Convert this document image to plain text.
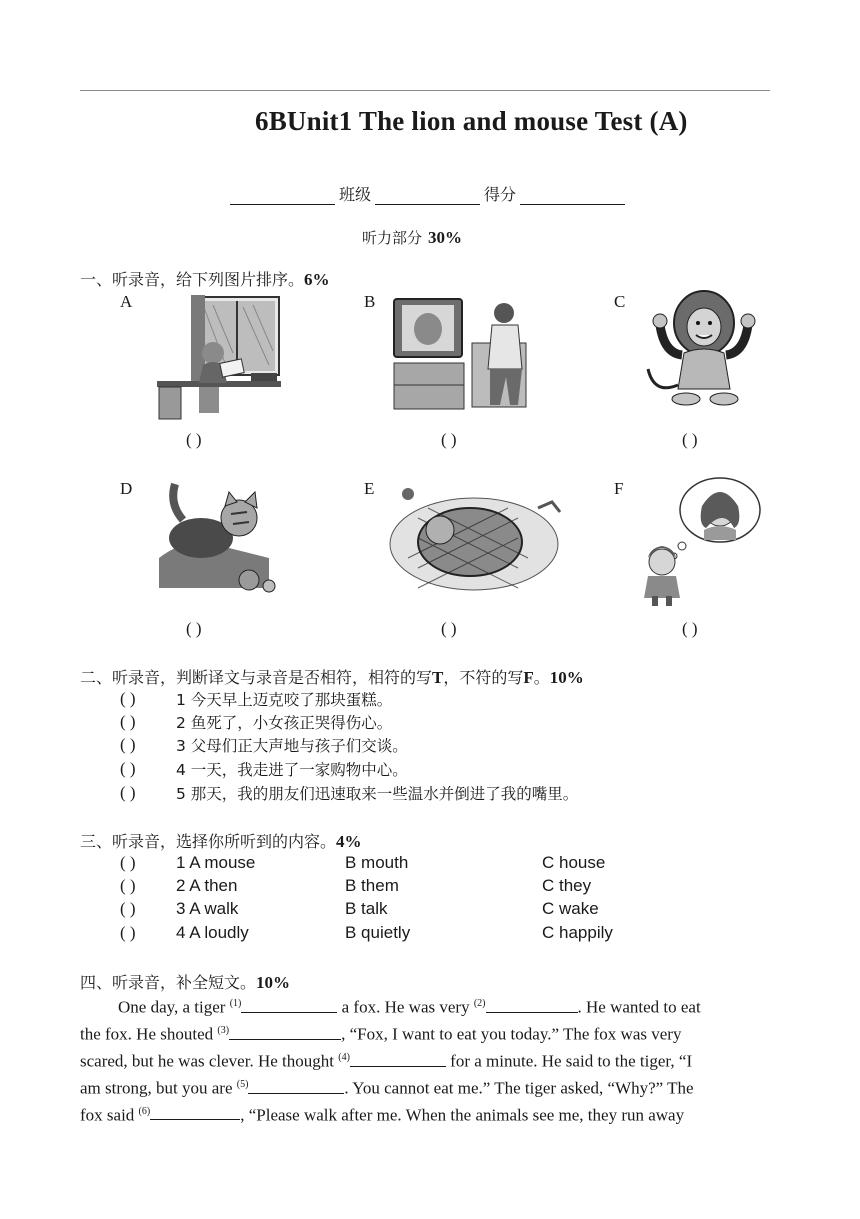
6BUnit1 The lion and mouse Test (A)
班级	得分
听力部分 30%
一、听录音，给下列图片排序。6%
A	B	C
D	E	F
( )	( )	( )
( )	( )	( )
二、听录音，判断译文与录音是否相符，相符的写T，不符的写F。10%
( )	1 今天早上迈克咬了那块蛋糕。
( )	2 鱼死了，小女孩正哭得伤心。
( )	3 父母们正大声地与孩子们交谈。
( )	4 一天，我走进了一家购物中心。
( )	5 那天，我的朋友们迅速取来一些温水并倒进了我的嘴里。
三、听录音，选择你所听到的内容。4%
( )	1 A mouse	B mouth	C house
( )	2 A then	B them	C they
( )	3 A walk	B talk	C wake
( )	4 A loudly	B quietly	C happily
四、听录音，补全短文。10%
One day, a tiger $^{(1)}$	a fox. He was very $^{(2)}$	. He wanted to eat
the fox. He shouted $^{(3)}$	, “Fox, I want to eat you today.” The fox was very
scared, but he was clever. He thought $^{(4)}$	for a minute. He said to the tiger, “I
am strong, but you are $^{(5)}$	. You cannot eat me.” The tiger asked, “Why?” The
fox said $^{(6)}$	, “Please walk after me. When the animals see me, they run away
